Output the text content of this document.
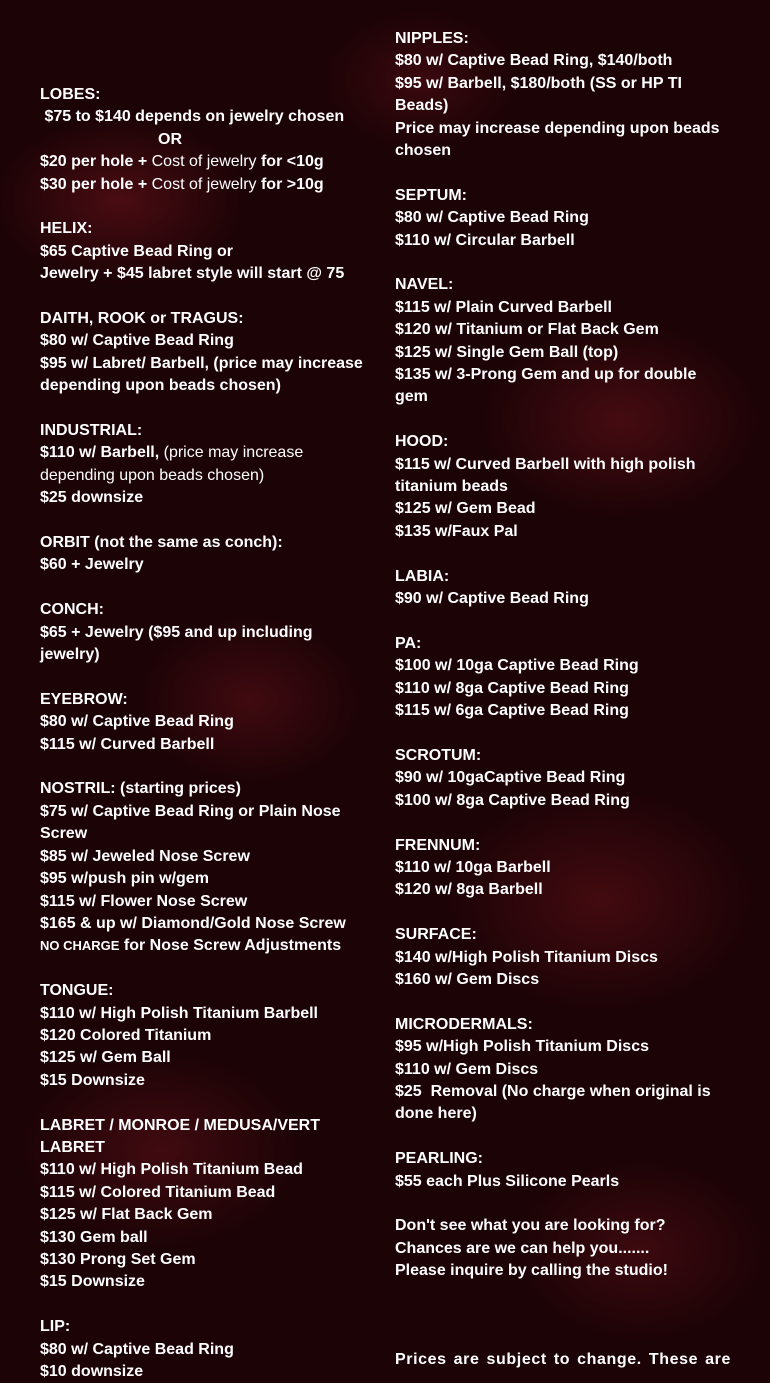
LOBES:
$75 to $140 depends on jewelry chosen
OR
$20 per hole + Cost of jewelry for <10g
$30 per hole + Cost of jewelry for >10g
HELIX:
$65 Captive Bead Ring or
Jewelry + $45 labret style will start @ 75
DAITH, ROOK or TRAGUS:
$80 w/ Captive Bead Ring
$95 w/ Labret/ Barbell, (price may increase depending upon beads chosen)
INDUSTRIAL:
$110 w/ Barbell, (price may increase depending upon beads chosen)
$25 downsize
ORBIT (not the same as conch):
$60 + Jewelry
CONCH:
$65 + Jewelry ($95 and up including jewelry)
EYEBROW:
$80 w/ Captive Bead Ring
$115 w/ Curved Barbell
NOSTRIL: (starting prices)
$75 w/ Captive Bead Ring or Plain Nose Screw
$85 w/ Jeweled Nose Screw
$95 w/push pin w/gem
$115 w/ Flower Nose Screw
$165 & up w/ Diamond/Gold Nose Screw
NO CHARGE for Nose Screw Adjustments
TONGUE:
$110 w/ High Polish Titanium Barbell
$120 Colored Titanium
$125 w/ Gem Ball
$15 Downsize
LABRET / MONROE / MEDUSA/VERT LABRET
$110 w/ High Polish Titanium Bead
$115 w/ Colored Titanium Bead
$125 w/ Flat Back Gem
$130 Gem ball
$130 Prong Set Gem
$15 Downsize
LIP:
$80 w/ Captive Bead Ring
$10 downsize
NIPPLES:
$80 w/ Captive Bead Ring, $140/both
$95 w/ Barbell, $180/both (SS or HP TI Beads)
Price may increase depending upon beads chosen
SEPTUM:
$80 w/ Captive Bead Ring
$110 w/ Circular Barbell
NAVEL:
$115 w/ Plain Curved Barbell
$120 w/ Titanium or Flat Back Gem
$125 w/ Single Gem Ball (top)
$135 w/ 3-Prong Gem and up for double gem
HOOD:
$115 w/ Curved Barbell with high polish titanium beads
$125 w/ Gem Bead
$135 w/Faux Pal
LABIA:
$90 w/ Captive Bead Ring
PA:
$100 w/ 10ga Captive Bead Ring
$110 w/ 8ga Captive Bead Ring
$115 w/ 6ga Captive Bead Ring
SCROTUM:
$90 w/ 10gaCaptive Bead Ring
$100 w/ 8ga Captive Bead Ring
FRENNUM:
$110 w/ 10ga Barbell
$120 w/ 8ga Barbell
SURFACE:
$140 w/High Polish Titanium Discs
$160 w/ Gem Discs
MICRODERMALS:
$95 w/High Polish Titanium Discs
$110 w/ Gem Discs
$25  Removal (No charge when original is done here)
PEARLING:
$55 each Plus Silicone Pearls
Don't see what you are looking for?
Chances are we can help you.......
Please inquire by calling the studio!
Prices are subject to change. These are
